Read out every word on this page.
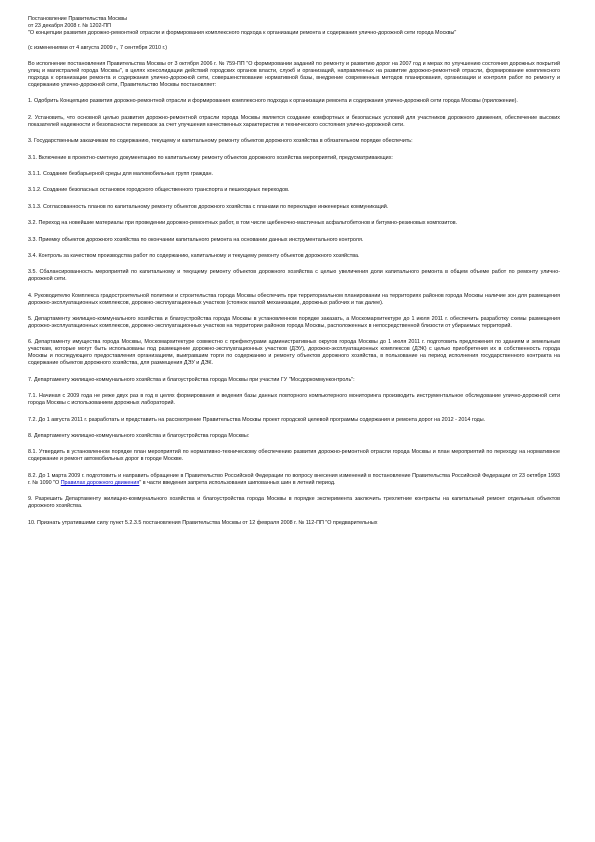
Постановление Правительства Москвы

от 23 декабря 2008 г. № 1202-ПП

"О концепции развития дорожно-ремонтной отрасли и формирования комплексного подхода к организации ремонта и содержания улично-дорожной сети города Москвы"

(с изменениями от 4 августа 2009 г., 7 сентября 2010 г.)

Во исполнение постановления Правительства Москвы от 3 октября 2006 г. № 759-ПП "О формировании заданий по ремонту и развитию дорог на 2007 год и мерах по улучшению состояния дорожных покрытий улиц и магистралей города Москвы", в целях консолидации действий городских органов власти, служб и организаций, направленных на развитие дорожно-ремонтной отрасли, формирование комплексного подхода к организации ремонта и содержания улично-дорожной сети, совершенствование нормативной базы, внедрение современных методов планирования, организации и контроля работ по ремонту и содержанию улично-дорожной сети, Правительство Москвы постановляет:

1. Одобрить Концепцию развития дорожно-ремонтной отрасли и формирования комплексного подхода к организации ремонта и содержания улично-дорожной сети города Москвы (приложение).

2. Установить, что основной целью развития дорожно-ремонтной отрасли города Москвы является создание комфортных и безопасных условий для участников дорожного движения, обеспечение высоких показателей надежности и безопасности перевозок за счет улучшения качественных характеристик и технического состояния улично-дорожной сети.

3. Государственным заказчикам по содержанию, текущему и капитальному ремонту объектов дорожного хозяйства в обязательном порядке обеспечить:

3.1. Включение в проектно-сметную документацию по капитальному ремонту объектов дорожного хозяйства мероприятий, предусматривающих:

3.1.1. Создание безбарьерной среды для маломобильных групп граждан.

3.1.2. Создание безопасных остановок городского общественного транспорта и пешеходных переходов.

3.1.3. Согласованность планов по капитальному ремонту объектов дорожного хозяйства с планами по перекладке инженерных коммуникаций.

3.2. Переход на новейшие материалы при проведении дорожно-ремонтных работ, в том числе щебеночно-мастичных асфальтобетонов и битумно-резиновых композитов.

3.3. Приемку объектов дорожного хозяйства по окончании капитального ремонта на основании данных инструментального контроля.

3.4. Контроль за качеством производства работ по содержанию, капитальному и текущему ремонту объектов дорожного хозяйства.

3.5. Сбалансированность мероприятий по капитальному и текущему ремонту объектов дорожного хозяйства с целью увеличения доли капитального ремонта в общем объеме работ по ремонту улично-дорожной сети.

4. Руководителю Комплекса градостроительной политики и строительства города Москвы обеспечить при территориальном планировании на территориях районов города Москвы наличие зон для размещения дорожно-эксплуатационных комплексов, дорожно-эксплуатационных участков (стоянок малой механизации, дорожных рабочих и так далее).

5. Департаменту жилищно-коммунального хозяйства и благоустройства города Москвы в установленном порядке заказать, а Москомархитектуре до 1 июля 2011 г. обеспечить разработку схемы размещения дорожно-эксплуатационных комплексов, дорожно-эксплуатационных участков на территории районов города Москвы, расположенных в непосредственной близости от убираемых территорий.

6. Департаменту имущества города Москвы, Москомархитектуре совместно с префектурами административных округов города Москвы до 1 июля 2011 г. подготовить предложения по зданиям и земельным участкам, которые могут быть использованы под размещение дорожно-эксплуатационных участков (ДЭУ), дорожно-эксплуатационных комплексов (ДЭК) с целью приобретения их в собственность города Москвы и последующего предоставления организациям, выигравшим торги по содержанию и ремонту объектов дорожного хозяйства, в пользование на период исполнения государственного контракта на содержание объектов дорожного хозяйства, для размещения ДЭУ и ДЭК.

7. Департаменту жилищно-коммунального хозяйства и благоустройства города Москвы при участии ГУ "Мосдоркоммунконтроль":

7.1. Начиная с 2009 года не реже двух раз в год в целях формирования и ведения базы данных повторного компьютерного мониторинга производить инструментальное обследование улично-дорожной сети города Москвы с использованием дорожных лабораторий.

7.2. До 1 августа 2011 г. разработать и представить на рассмотрение Правительства Москвы проект городской целевой программы содержания и ремонта дорог на 2012 - 2014 годы.

8. Департаменту жилищно-коммунального хозяйства и благоустройства города Москвы:

8.1. Утвердить в установленном порядке план мероприятий по нормативно-техническому обеспечению развития дорожно-ремонтной отрасли города Москвы и план мероприятий по переходу на нормативное содержание и ремонт автомобильных дорог в городе Москве.

8.2. До 1 марта 2009 г. подготовить и направить обращение в Правительство Российской Федерации по вопросу внесения изменений в постановление Правительства Российской Федерации от 23 октября 1993 г. № 1090 "О Правилах дорожного движения" в части введения запрета использования шипованных шин в летний период.

9. Разрешить Департаменту жилищно-коммунального хозяйства и благоустройства города Москвы в порядке эксперимента заключить трехлетние контракты на капитальный ремонт отдельных объектов дорожного хозяйства.

10. Признать утратившими силу пункт 5.2.3.5 постановления Правительства Москвы от 12 февраля 2008 г. № 112-ПП "О предварительных
